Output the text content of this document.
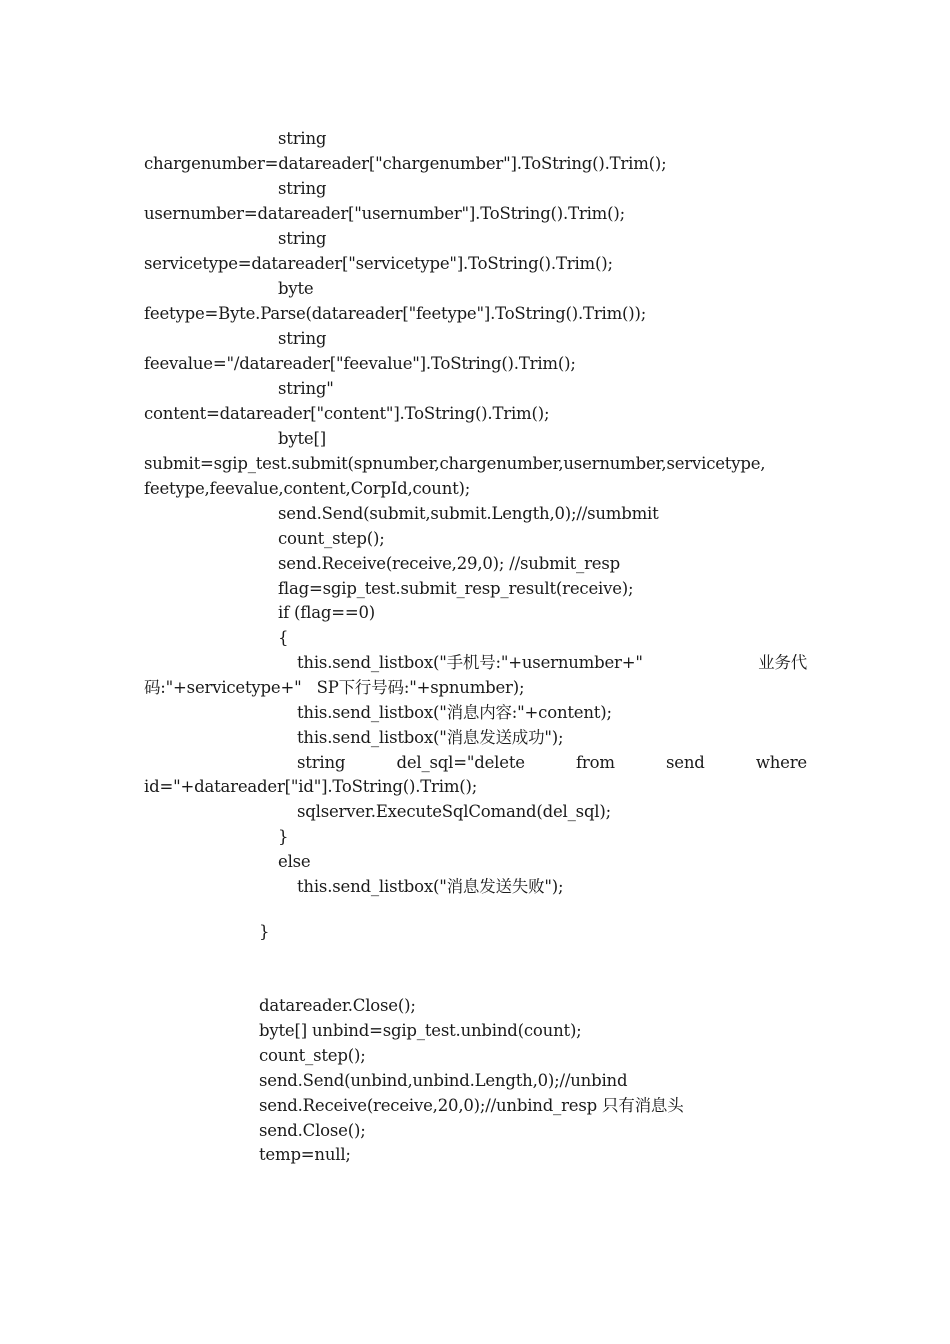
string
chargenumber=datareader["chargenumber"].ToString().Trim();
string
usernumber=datareader["usernumber"].ToString().Trim();
string
servicetype=datareader["servicetype"].ToString().Trim();
byte
feetype=Byte.Parse(datareader["feetype"].ToString().Trim());
string
feevalue="/datareader["feevalue"].ToString().Trim();
string"
content=datareader["content"].ToString().Trim();
byte[]
submit=sgip_test.submit(spnumber,chargenumber,usernumber,servicetype,
feetype,feevalue,content,CorpId,count);
send.Send(submit,submit.Length,0);//sumbmit
count_step();
send.Receive(receive,29,0); //submit_resp
flag=sgip_test.submit_resp_result(receive);
if (flag==0)
{
this.send_listbox("手机号:"+usernumber+"	业务代
码:"+servicetype+"   SP下行号码:"+spnumber);
this.send_listbox("消息内容:"+content);
this.send_listbox("消息发送成功");
string	del_sql="delete	from	send	where
id="+datareader["id"].ToString().Trim();
sqlserver.ExecuteSqlComand(del_sql);
}
else
this.send_listbox("消息发送失败");
}
datareader.Close();
byte[] unbind=sgip_test.unbind(count);
count_step();
send.Send(unbind,unbind.Length,0);//unbind
send.Receive(receive,20,0);//unbind_resp 只有消息头
send.Close();
temp=null;
